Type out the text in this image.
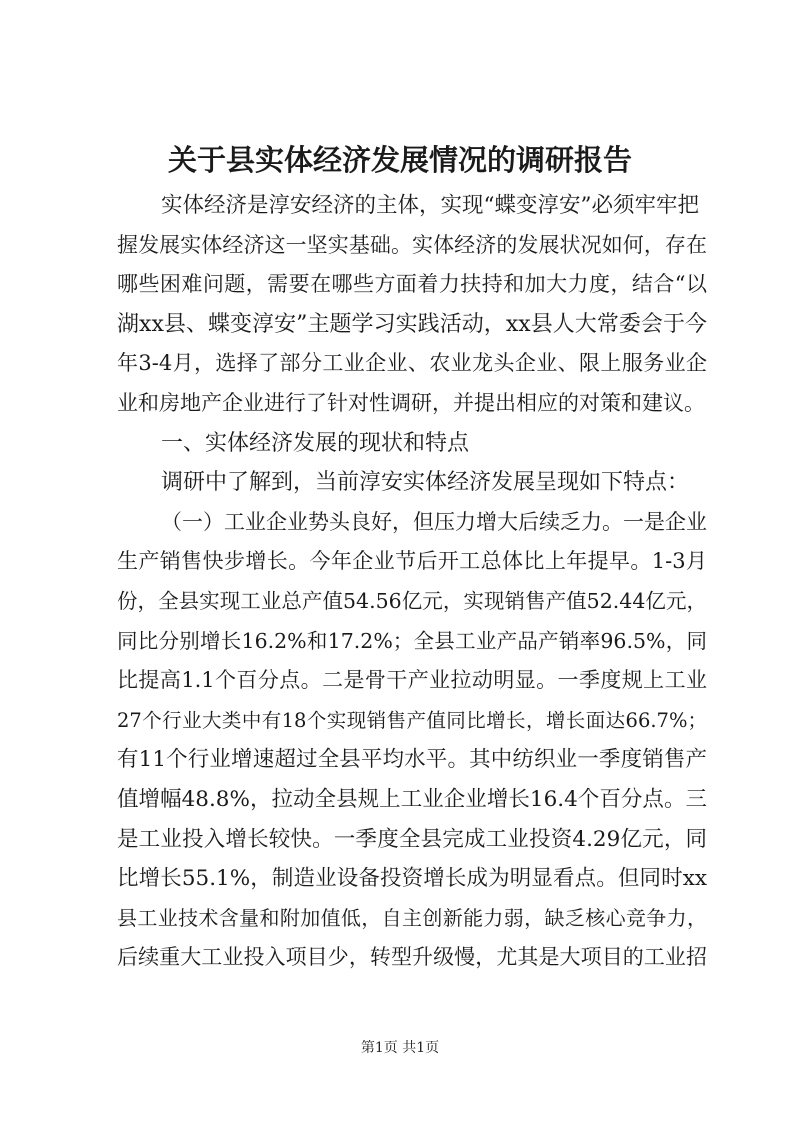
关于县实体经济发展情况的调研报告
实体经济是淳安经济的主体，实现“蝶变淳安”必须牢牢把
握发展实体经济这一坚实基础。实体经济的发展状况如何，存在
哪些困难问题，需要在哪些方面着力扶持和加大力度，结合“以
湖xx县、蝶变淳安”主题学习实践活动，xx县人大常委会于今
年3-4月，选择了部分工业企业、农业龙头企业、限上服务业企
业和房地产企业进行了针对性调研，并提出相应的对策和建议。
一、实体经济发展的现状和特点
调研中了解到，当前淳安实体经济发展呈现如下特点：
（一）工业企业势头良好，但压力增大后续乏力。一是企业
生产销售快步增长。今年企业节后开工总体比上年提早。1-3月
份，全县实现工业总产值54.56亿元，实现销售产值52.44亿元，
同比分别增长16.2%和17.2%；全县工业产品产销率96.5%，同
比提高1.1个百分点。二是骨干产业拉动明显。一季度规上工业
27个行业大类中有18个实现销售产值同比增长，增长面达66.7%；
有11个行业增速超过全县平均水平。其中纺织业一季度销售产
值增幅48.8%，拉动全县规上工业企业增长16.4个百分点。三
是工业投入增长较快。一季度全县完成工业投资4.29亿元，同
比增长55.1%，制造业设备投资增长成为明显看点。但同时xx
县工业技术含量和附加值低，自主创新能力弱，缺乏核心竞争力，
后续重大工业投入项目少，转型升级慢，尤其是大项目的工业招
第1页 共1页
